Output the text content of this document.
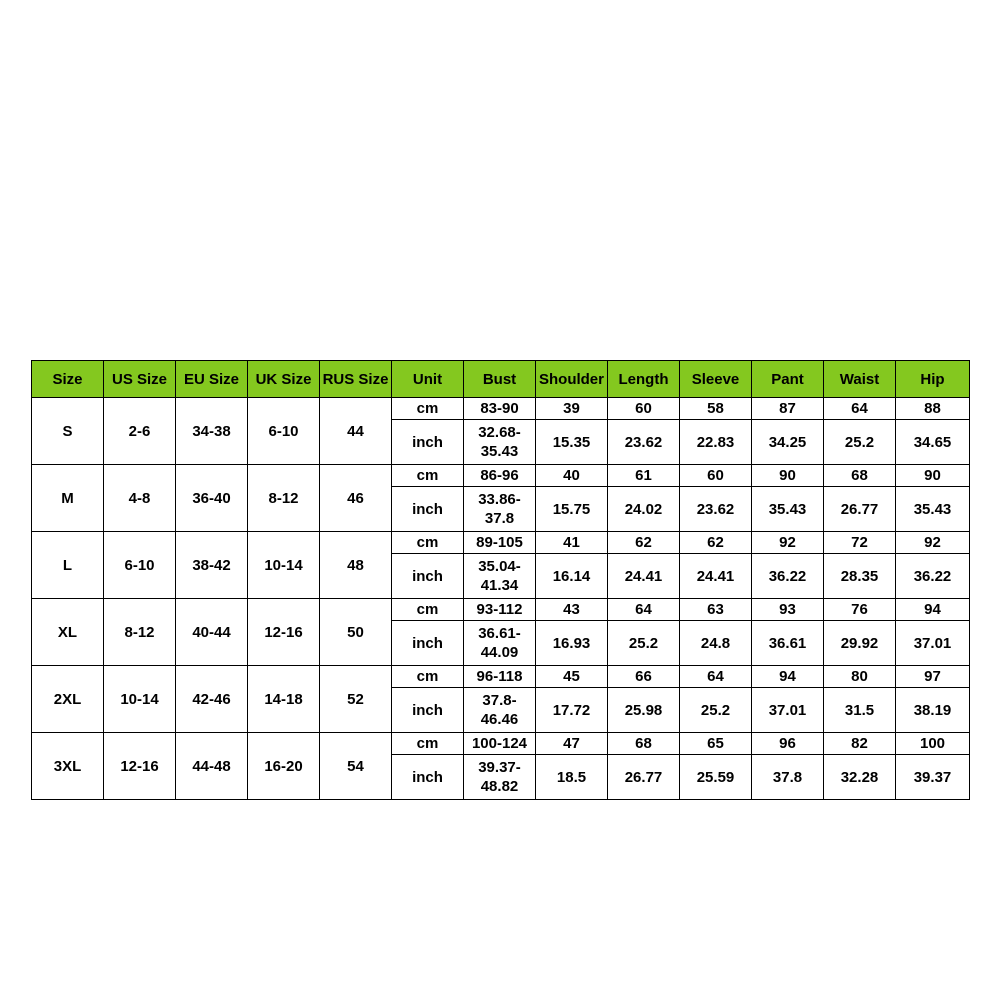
Size	US Size	EU Size	UK Size	RUS Size	Unit	Bust	Shoulder	Length	Sleeve	Pant	Waist	Hip
S	2-6	34-38	6-10	44	cm	83-90	39	60	58	87	64	88
					inch	32.68-35.43	15.35	23.62	22.83	34.25	25.2	34.65
M	4-8	36-40	8-12	46	cm	86-96	40	61	60	90	68	90
					inch	33.86-37.8	15.75	24.02	23.62	35.43	26.77	35.43
L	6-10	38-42	10-14	48	cm	89-105	41	62	62	92	72	92
					inch	35.04-41.34	16.14	24.41	24.41	36.22	28.35	36.22
XL	8-12	40-44	12-16	50	cm	93-112	43	64	63	93	76	94
					inch	36.61-44.09	16.93	25.2	24.8	36.61	29.92	37.01
2XL	10-14	42-46	14-18	52	cm	96-118	45	66	64	94	80	97
					inch	37.8-46.46	17.72	25.98	25.2	37.01	31.5	38.19
3XL	12-16	44-48	16-20	54	cm	100-124	47	68	65	96	82	100
					inch	39.37-48.82	18.5	26.77	25.59	37.8	32.28	39.37
